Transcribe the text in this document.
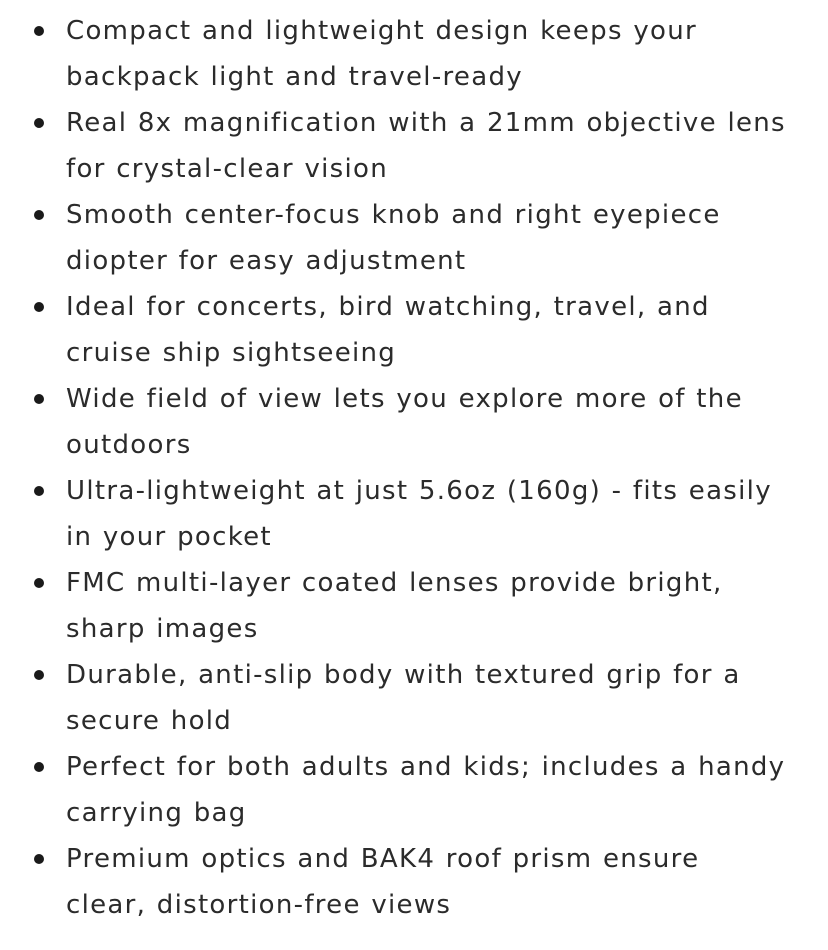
Compact and lightweight design keeps your backpack light and travel-ready
Real 8x magnification with a 21mm objective lens for crystal-clear vision
Smooth center-focus knob and right eyepiece diopter for easy adjustment
Ideal for concerts, bird watching, travel, and cruise ship sightseeing
Wide field of view lets you explore more of the outdoors
Ultra-lightweight at just 5.6oz (160g) - fits easily in your pocket
FMC multi-layer coated lenses provide bright, sharp images
Durable, anti-slip body with textured grip for a secure hold
Perfect for both adults and kids; includes a handy carrying bag
Premium optics and BAK4 roof prism ensure clear, distortion-free views
